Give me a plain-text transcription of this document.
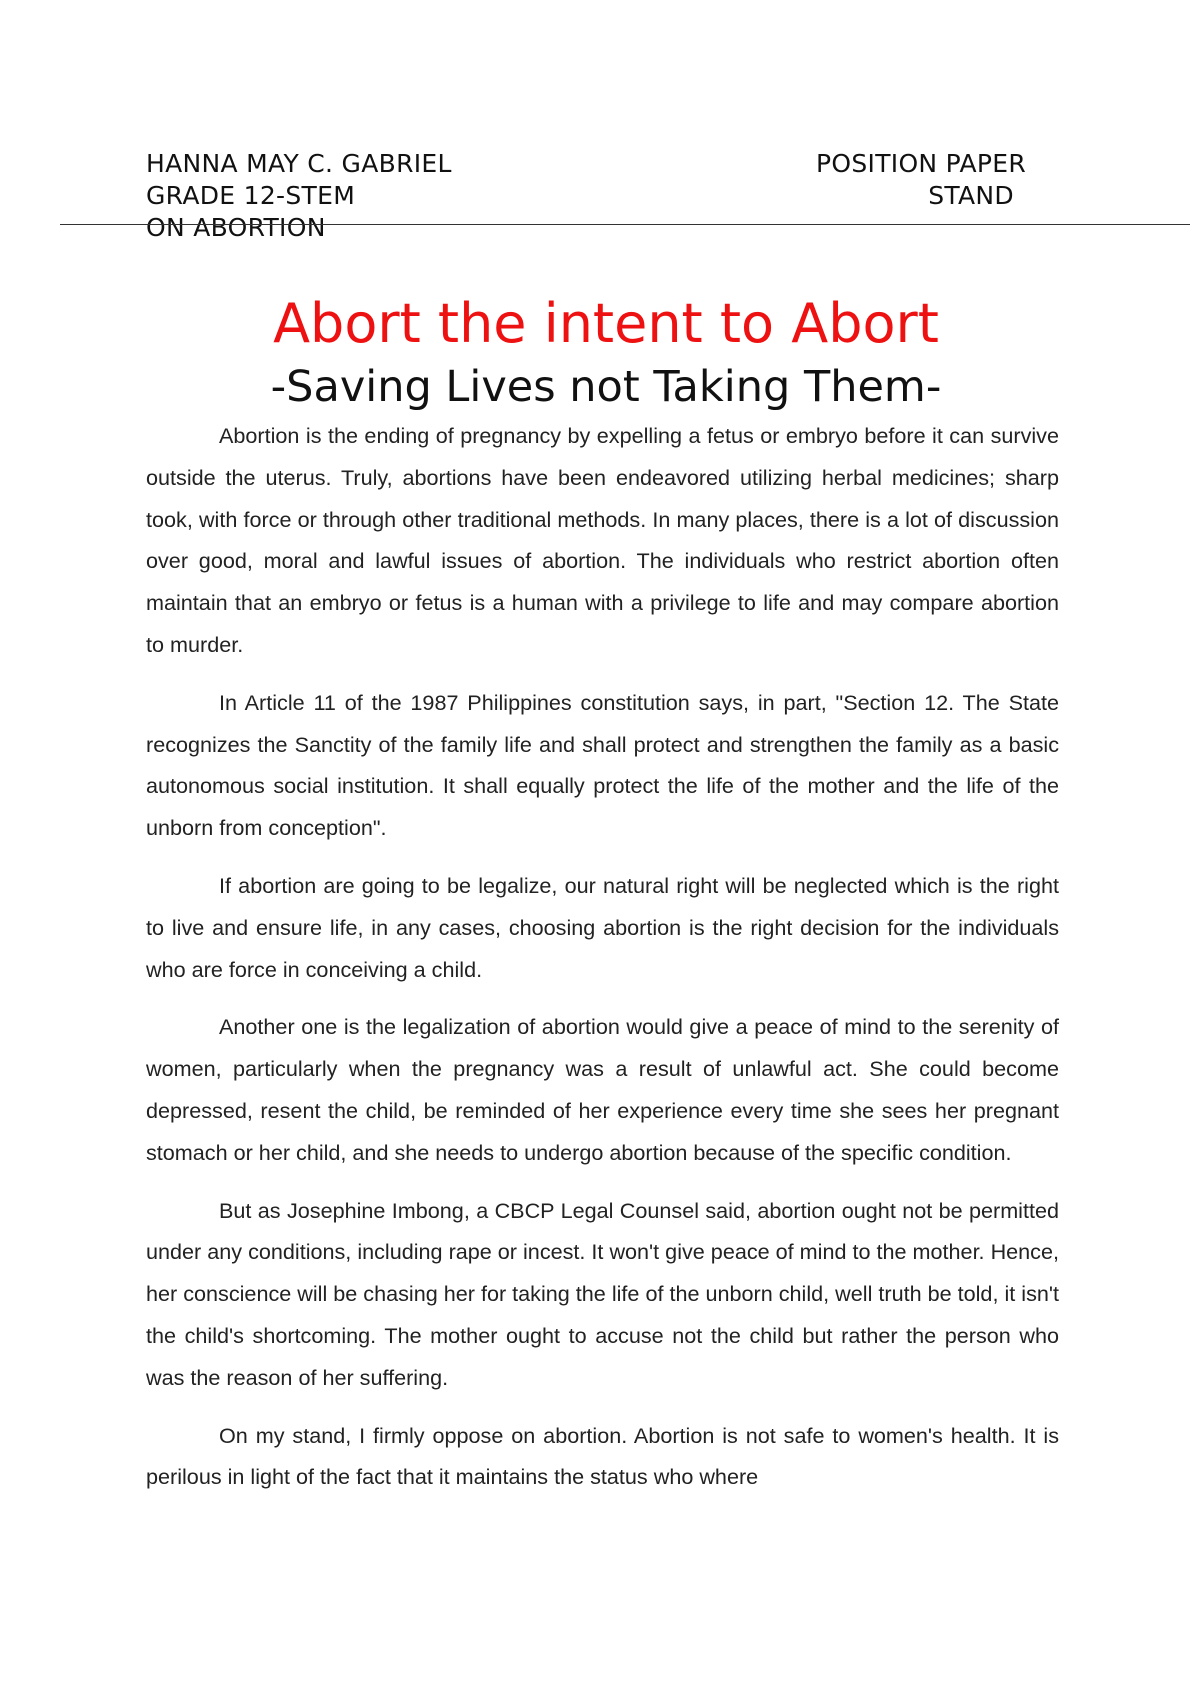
HANNA MAY C. GABRIEL	POSITION PAPER
GRADE 12-STEM	STAND
ON ABORTION
Abort the intent to Abort
-Saving Lives not Taking Them-

Abortion is the ending of pregnancy by expelling a fetus or embryo before it can survive outside the uterus. Truly, abortions have been endeavored utilizing herbal medicines; sharp took, with force or through other traditional methods. In many places, there is a lot of discussion over good, moral and lawful issues of abortion. The individuals who restrict abortion often maintain that an embryo or fetus is a human with a privilege to life and may compare abortion to murder.

In Article 11 of the 1987 Philippines constitution says, in part, "Section 12. The State recognizes the Sanctity of the family life and shall protect and strengthen the family as a basic autonomous social institution. It shall equally protect the life of the mother and the life of the unborn from conception".

If abortion are going to be legalize, our natural right will be neglected which is the right to live and ensure life, in any cases, choosing abortion is the right decision for the individuals who are force in conceiving a child.

Another one is the legalization of abortion would give a peace of mind to the serenity of women, particularly when the pregnancy was a result of unlawful act. She could become depressed, resent the child, be reminded of her experience every time she sees her pregnant stomach or her child, and she needs to undergo abortion because of the specific condition.

But as Josephine Imbong, a CBCP Legal Counsel said, abortion ought not be permitted under any conditions, including rape or incest. It won't give peace of mind to the mother. Hence, her conscience will be chasing her for taking the life of the unborn child, well truth be told, it isn't the child's shortcoming. The mother ought to accuse not the child but rather the person who was the reason of her suffering.

On my stand, I firmly oppose on abortion. Abortion is not safe to women's health. It is perilous in light of the fact that it maintains the status who where
